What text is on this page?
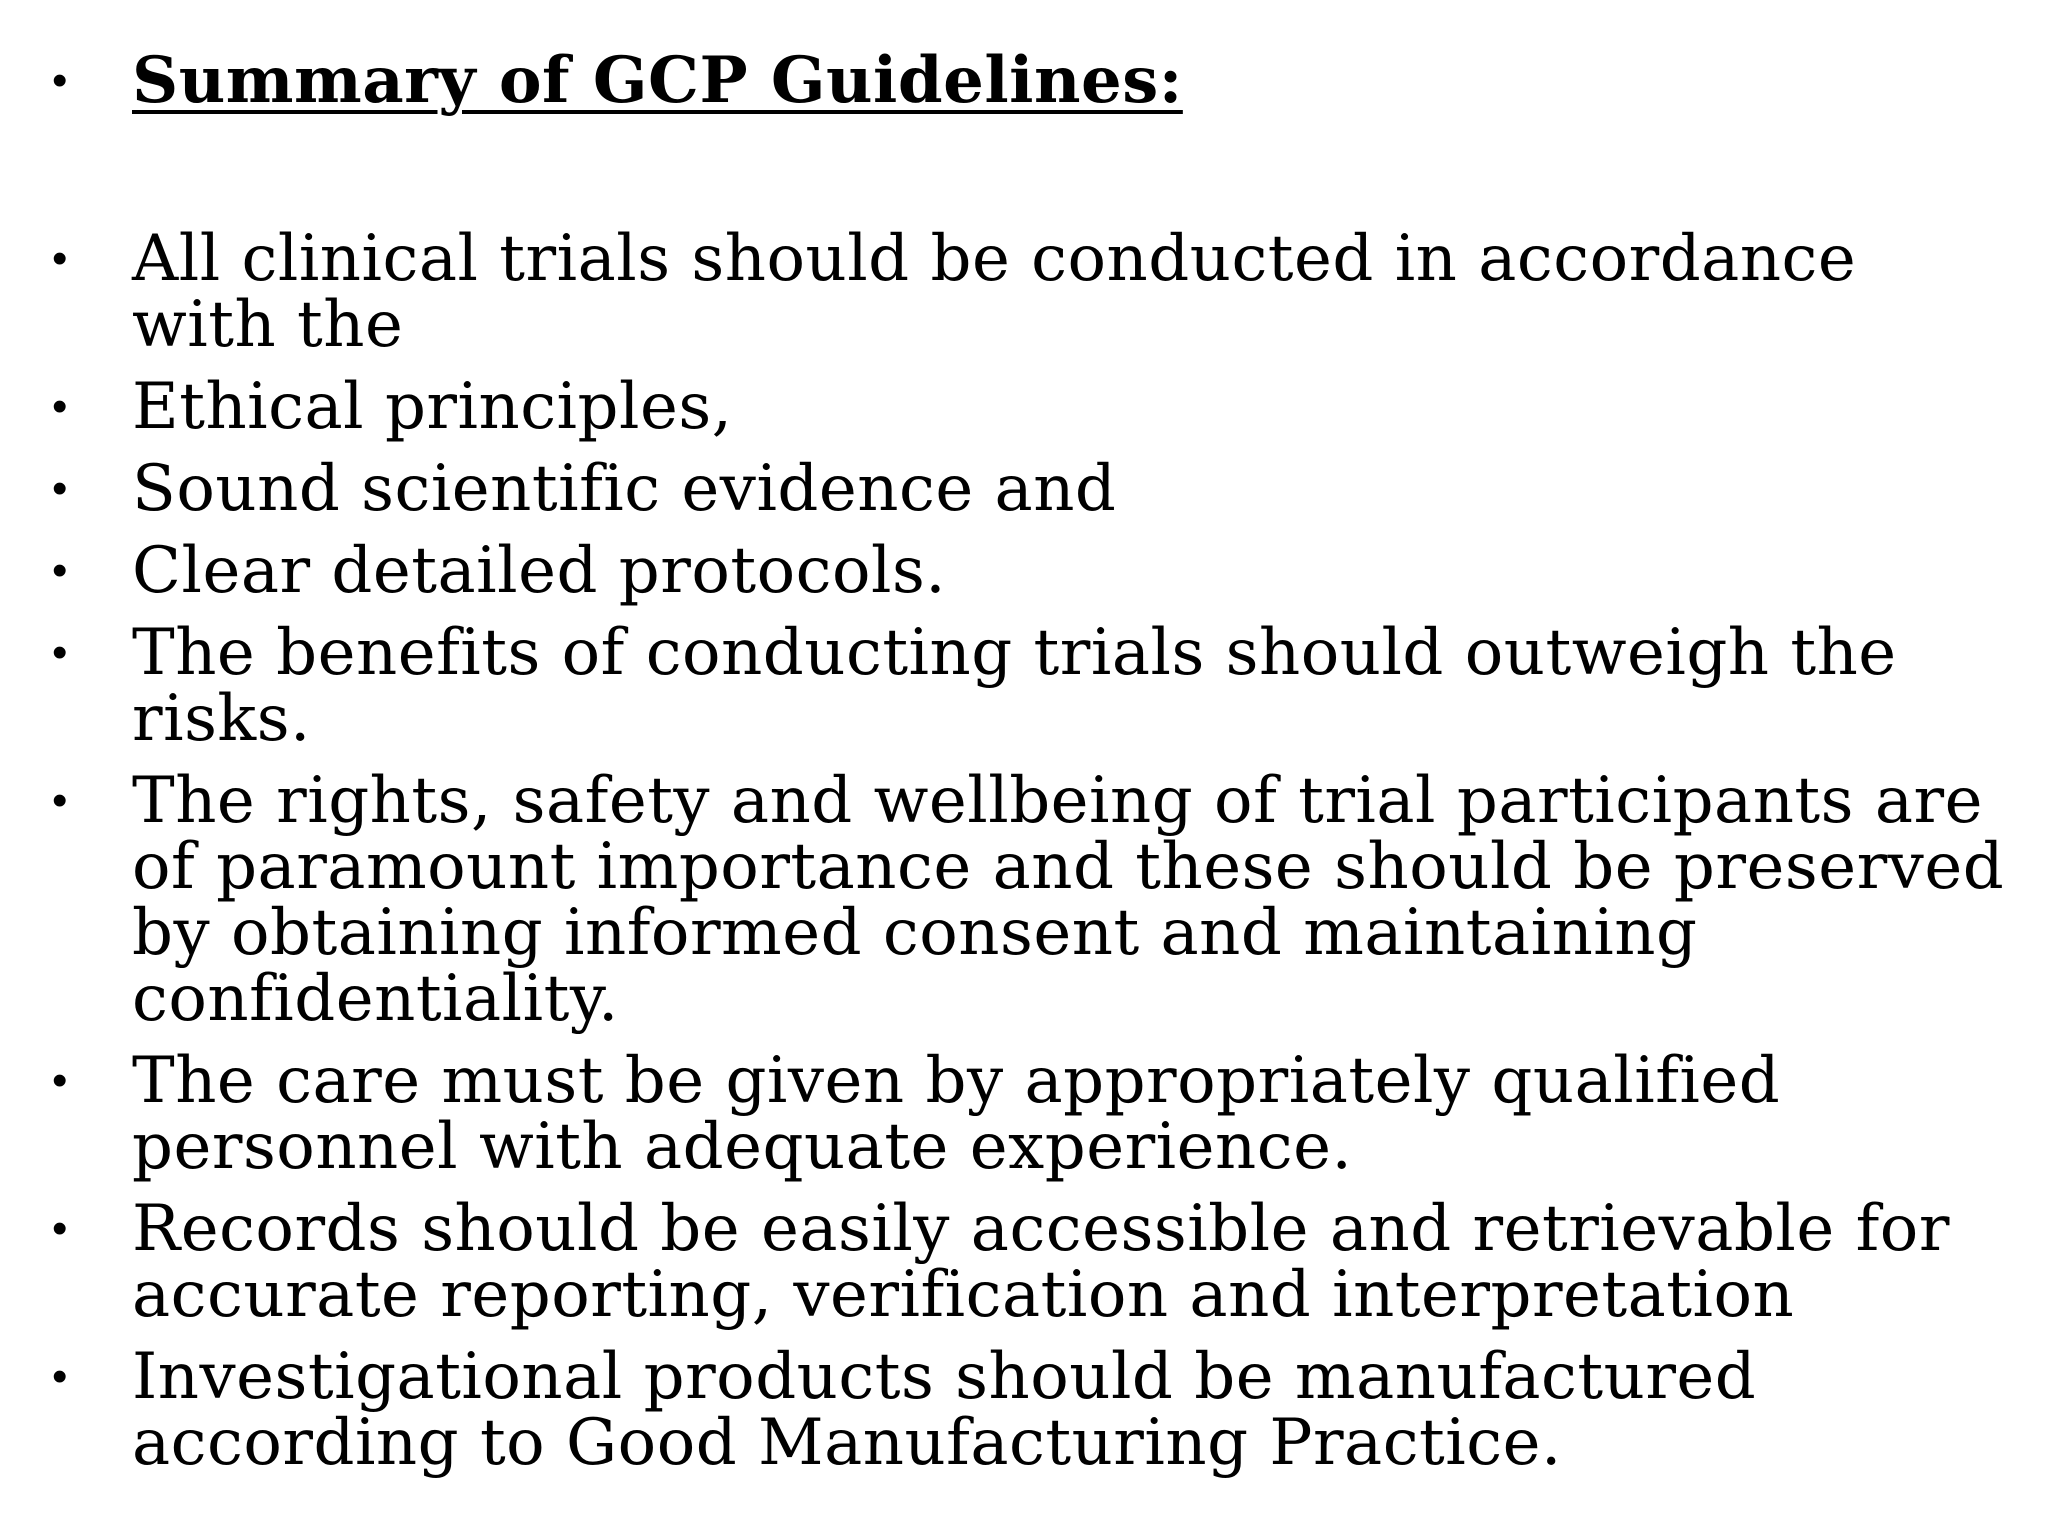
• Summary of GCP Guidelines:
• All clinical trials should be conducted in accordance with the
• Ethical principles,
• Sound scientific evidence and
• Clear detailed protocols.
• The benefits of conducting trials should outweigh the risks.
• The rights, safety and wellbeing of trial participants are of paramount importance and these should be preserved by obtaining informed consent and maintaining confidentiality.
• The care must be given by appropriately qualified personnel with adequate experience.
• Records should be easily accessible and retrievable for accurate reporting, verification and interpretation
• Investigational products should be manufactured according to Good Manufacturing Practice.
